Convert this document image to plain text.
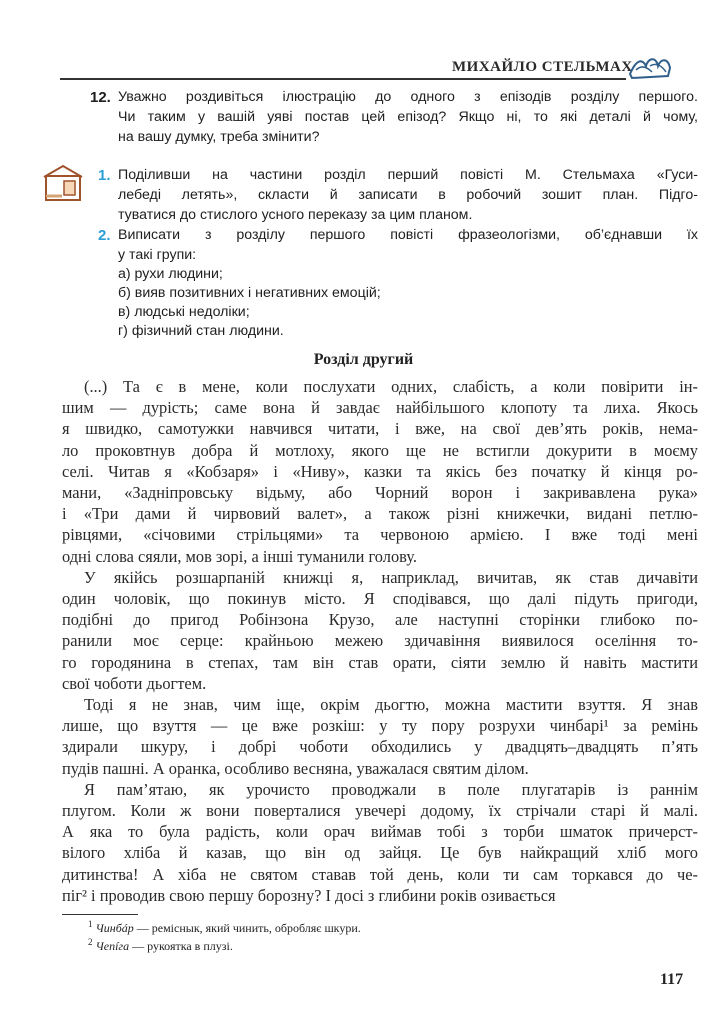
МИХАЙЛО СТЕЛЬМАХ
12. Уважно роздивіться ілюстрацію до одного з епізодів розділу першого.
Чи таким у вашій уяві постав цей епізод? Якщо ні, то які деталі й чому,
на вашу думку, треба змінити?
1. Поділивши на частини розділ перший повісті М. Стельмаха «Гуси-
лебеді летять», скласти й записати в робочий зошит план. Підго-
туватися до стислого усного переказу за цим планом.
2. Виписати з розділу першого повісті фразеологізми, об’єднавши їх
у такі групи:
а) рухи людини;
б) вияв позитивних і негативних емоцій;
в) людські недоліки;
г) фізичний стан людини.
Розділ другий
(...) Та є в мене, коли послухати одних, слабість, а коли повірити ін-
шим — дурість; саме вона й завдає найбільшого клопоту та лиха. Якось
я швидко, самотужки навчився читати, і вже, на свої дев’ять років, нема-
ло проковтнув добра й мотлоху, якого ще не встигли докурити в моєму
селі. Читав я «Кобзаря» і «Ниву», казки та якісь без початку й кінця ро-
мани, «Задніпровську відьму, або Чорний ворон і закривавлена рука»
і «Три дами й чирвовий валет», а також різні книжечки, видані петлю-
рівцями, «січовими стрільцями» та червоною армією. І вже тоді мені
одні слова сяяли, мов зорі, а інші туманили голову.
У якійсь розшарпаній книжці я, наприклад, вичитав, як став дичавіти
один чоловік, що покинув місто. Я сподівався, що далі підуть пригоди,
подібні до пригод Робінзона Крузо, але наступні сторінки глибоко по-
ранили моє серце: крайньою межею здичавіння виявилося осеління то-
го городянина в степах, там він став орати, сіяти землю й навіть мастити
свої чоботи дьогтем.
Тоді я не знав, чим іще, окрім дьогтю, можна мастити взуття. Я знав
лише, що взуття — це вже розкіш: у ту пору розрухи чинбарі¹ за ремінь
здирали шкуру, і добрі чоботи обходились у двадцять–двадцять п’ять
пудів пашні. А оранка, особливо весняна, уважалася святим ділом.
Я пам’ятаю, як урочисто проводжали в поле плугатарів із раннім
плугом. Коли ж вони поверталися увечері додому, їх стрічали старі й малі.
А яка то була радість, коли орач виймав тобі з торби шматок причерст-
вілого хліба й казав, що він од зайця. Це був найкращий хліб мого
дитинства! А хіба не святом ставав той день, коли ти сам торкався до че-
піг² і проводив свою першу борозну? І досі з глибини років озивається
$^1$ Чинбáр — реміснык, який чинить, обробляє шкури.
$^2$ Чепíга — рукоятка в плузі.
117
